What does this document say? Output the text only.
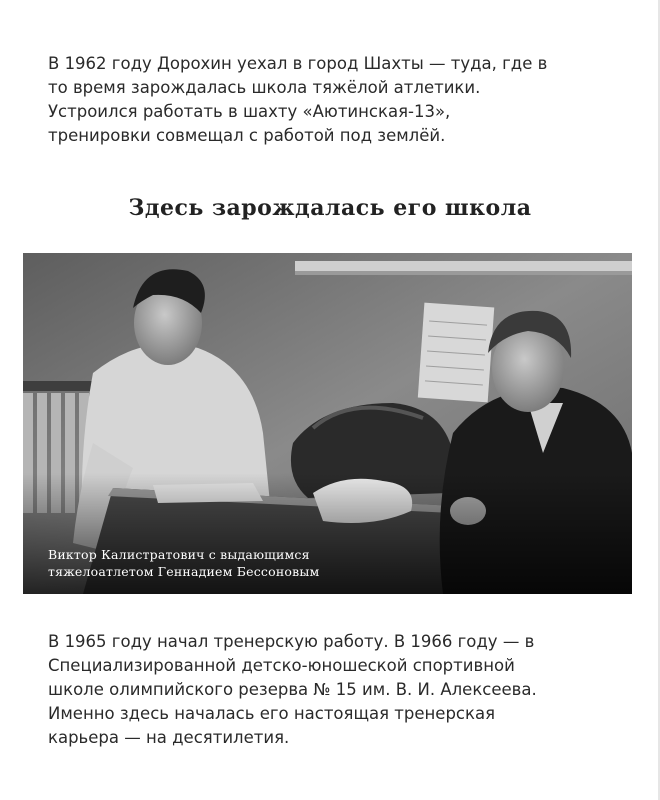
В 1962 году Дорохин уехал в город Шахты — туда, где в
то время зарождалась школа тяжёлой атлетики.
Устроился работать в шахту «Аютинская-13»,
тренировки совмещал с работой под землёй.

Здесь зарождалась его школа
Виктор Калистратович с выдающимся
тяжелоатлетом Геннадием Бессоновым

В 1965 году начал тренерскую работу. В 1966 году — в
Специализированной детско-юношеской спортивной
школе олимпийского резерва № 15 им. В. И. Алексеева.
Именно здесь началась его настоящая тренерская
карьера — на десятилетия.
